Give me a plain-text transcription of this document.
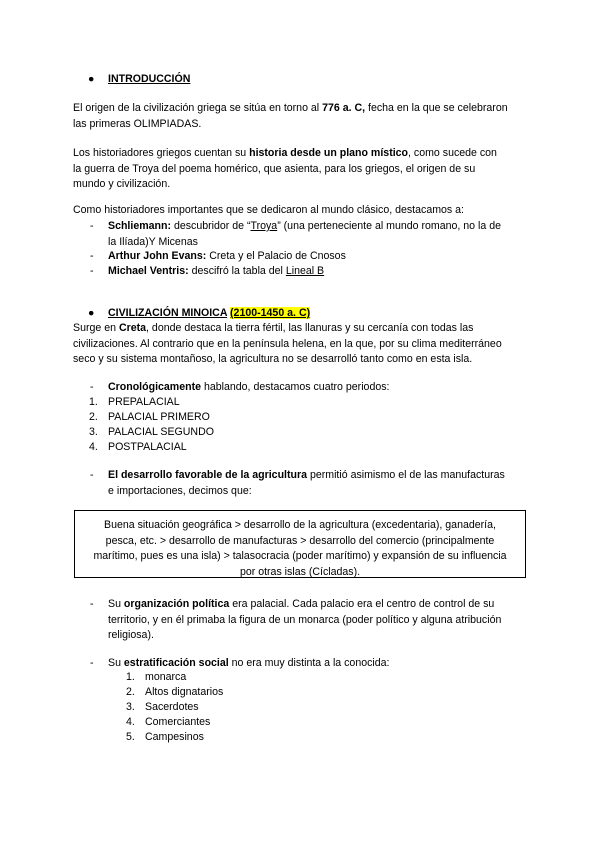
● INTRODUCCIÓN
El origen de la civilización griega se sitúa en torno al 776 a. C, fecha en la que se celebraron
las primeras OLIMPIADAS.
Los historiadores griegos cuentan su historia desde un plano místico, como sucede con
la guerra de Troya del poema homérico, que asienta, para los griegos, el origen de su
mundo y civilización.
Como historiadores importantes que se dedicaron al mundo clásico, destacamos a:
- Schliemann: descubridor de “Troya” (una perteneciente al mundo romano, no la de
la Ilíada)Y Micenas
- Arthur John Evans: Creta y el Palacio de Cnosos
- Michael Ventris: descifró la tabla del Lineal B
● CIVILIZACIÓN MINOICA (2100-1450 a. C)
Surge en Creta, donde destaca la tierra fértil, las llanuras y su cercanía con todas las
civilizaciones. Al contrario que en la península helena, en la que, por su clima mediterráneo
seco y su sistema montañoso, la agricultura no se desarrolló tanto como en esta isla.
- Cronológicamente hablando, destacamos cuatro periodos:
1. PREPALACIAL
2. PALACIAL PRIMERO
3. PALACIAL SEGUNDO
4. POSTPALACIAL
- El desarrollo favorable de la agricultura permitió asimismo el de las manufacturas
e importaciones, decimos que:
Buena situación geográfica > desarrollo de la agricultura (excedentaria), ganadería,
pesca, etc. > desarrollo de manufacturas > desarrollo del comercio (principalmente
marítimo, pues es una isla) > talasocracia (poder marítimo) y expansión de su influencia
por otras islas (Cícladas).
- Su organización política era palacial. Cada palacio era el centro de control de su
territorio, y en él primaba la figura de un monarca (poder político y alguna atribución
religiosa).
- Su estratificación social no era muy distinta a la conocida:
1. monarca
2. Altos dignatarios
3. Sacerdotes
4. Comerciantes
5. Campesinos
